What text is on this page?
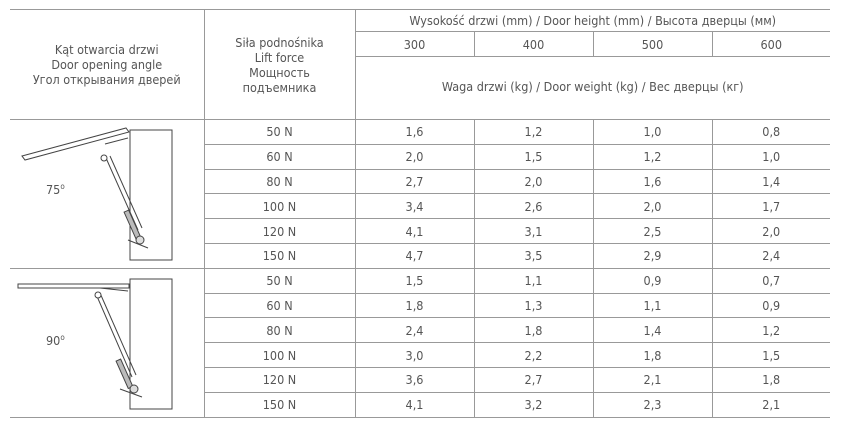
Kąt otwarcia drzwi
Door opening angle
Угол открывания дверей	Siła podnośnika
Lift force
Мощность
подъемника	Wysokość drzwi (mm) / Door height (mm) / Высота дверцы (мм)			
		300	400	500	600
		Waga drzwi (kg) / Door weight (kg) / Вес дверцы (кг)			

75$^o$	50 N	1,6	1,2	1,0	0,8
	60 N	2,0	1,5	1,2	1,0
	80 N	2,7	2,0	1,6	1,4
	100 N	3,4	2,6	2,0	1,7
	120 N	4,1	3,1	2,5	2,0
	150 N	4,7	3,5	2,9	2,4

90$^o$	50 N	1,5	1,1	0,9	0,7
	60 N	1,8	1,3	1,1	0,9
	80 N	2,4	1,8	1,4	1,2
	100 N	3,0	2,2	1,8	1,5
	120 N	3,6	2,7	2,1	1,8
	150 N	4,1	3,2	2,3	2,1
